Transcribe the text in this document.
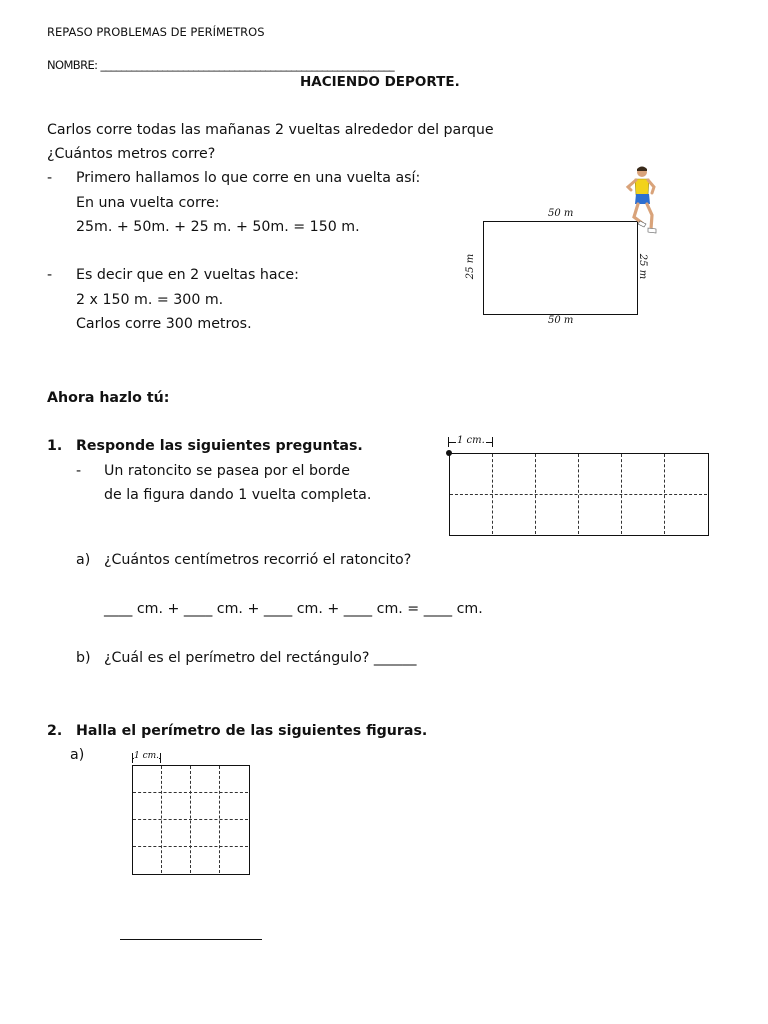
REPASO PROBLEMAS DE PERÍMETROS
NOMBRE: _________________________________________________________
HACIENDO DEPORTE.
Carlos corre todas las mañanas 2 vueltas alrededor del parque
¿Cuántos metros corre?
- Primero hallamos lo que corre en una vuelta así:
En una vuelta corre:
25m. + 50m. + 25 m. + 50m. = 150 m.
- Es decir que en 2 vueltas hace:
2 x 150 m. = 300 m.
Carlos corre 300 metros.
50 m
50 m
25 m	25 m
Ahora hazlo tú:
1. Responde las siguientes preguntas.
- Un ratoncito se pasea por el borde
de la figura dando 1 vuelta completa.
1 cm.
a) ¿Cuántos centímetros recorrió el ratoncito?
____ cm. + ____ cm. + ____ cm. + ____ cm. = ____ cm.
b) ¿Cuál es el perímetro del rectángulo? ______
2. Halla el perímetro de las siguientes figuras.
a)	1 cm.
